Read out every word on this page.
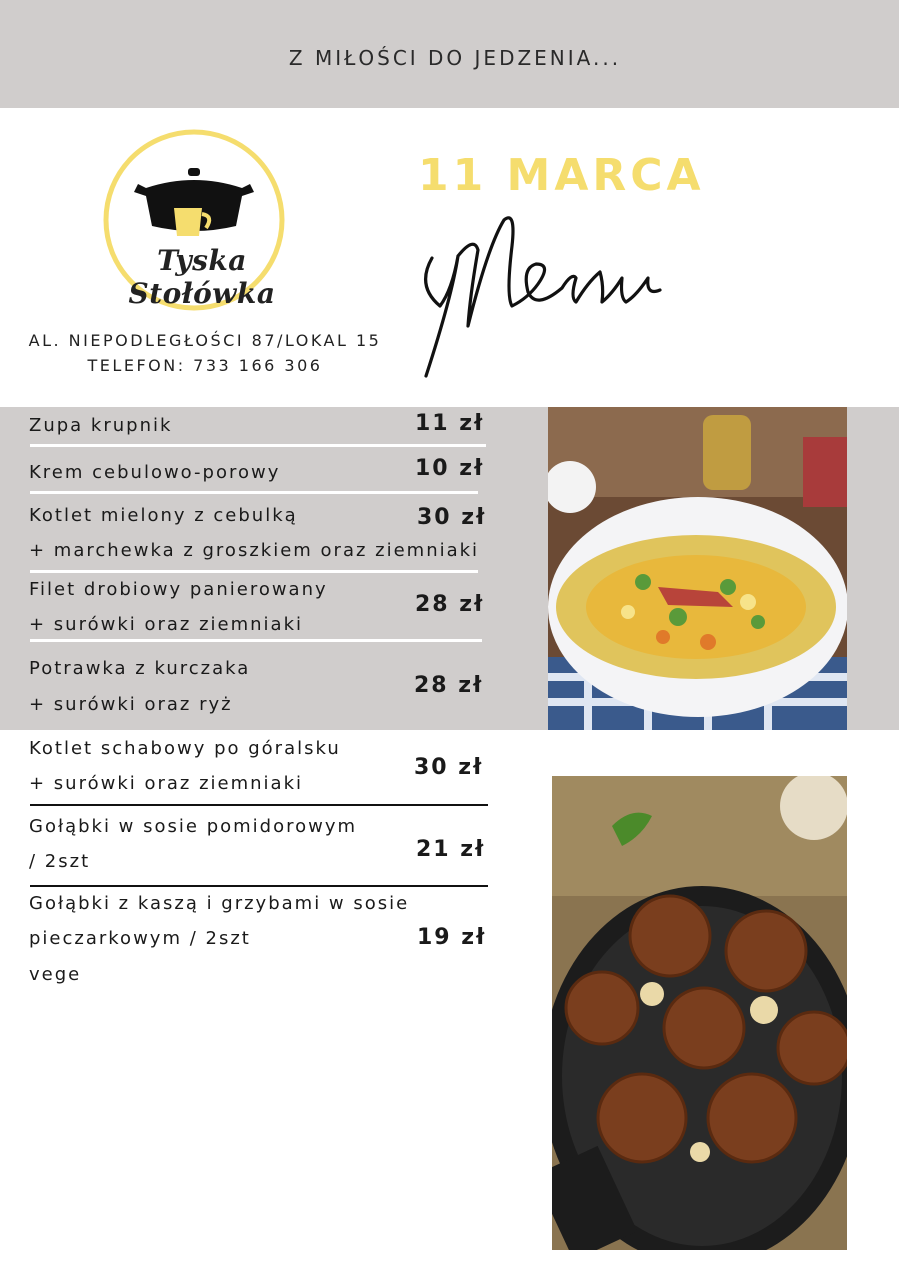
Z MIŁOŚCI DO JEDZENIA...
Tyska Stołówka
AL. NIEPODLEGŁOŚCI 87/LOKAL 15
TELEFON: 733 166 306
11 MARCA
Zupa krupnik	11 zł
Krem cebulowo-porowy	10 zł
Kotlet mielony z cebulką
+ marchewka z groszkiem oraz ziemniaki
30 zł
Filet drobiowy panierowany
+ surówki oraz ziemniaki
28 zł
Potrawka z kurczaka
+ surówki oraz ryż
28 zł
Kotlet schabowy po góralsku
+ surówki oraz ziemniaki
30 zł
Gołąbki w sosie pomidorowym
/ 2szt	21 zł
Gołąbki z kaszą i grzybami w sosie
pieczarkowym / 2szt
vege
19 zł
